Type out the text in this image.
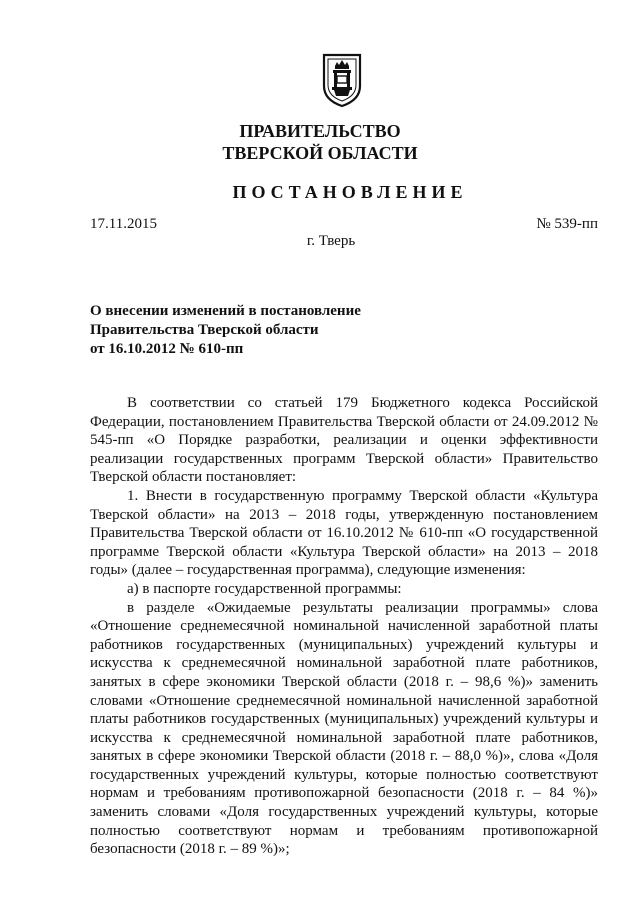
ПРАВИТЕЛЬСТВО
ТВЕРСКОЙ ОБЛАСТИ
ПОСТАНОВЛЕНИЕ
17.11.2015	№ 539-пп
г. Тверь
О внесении изменений в постановление
Правительства Тверской области
от 16.10.2012 № 610-пп

В соответствии со статьей 179 Бюджетного кодекса Российской Федерации, постановлением Правительства Тверской области от 24.09.2012 № 545-пп «О Порядке разработки, реализации и оценки эффективности реализации государственных программ Тверской области» Правительство Тверской области постановляет:

1. Внести в государственную программу Тверской области «Культура Тверской области» на 2013 – 2018 годы, утвержденную постановлением Правительства Тверской области от 16.10.2012 № 610-пп «О государственной программе Тверской области «Культура Тверской области» на 2013 – 2018 годы» (далее – государственная программа), следующие изменения:

а) в паспорте государственной программы:

в разделе «Ожидаемые результаты реализации программы» слова «Отношение среднемесячной номинальной начисленной заработной платы работников государственных (муниципальных) учреждений культуры и искусства к среднемесячной номинальной заработной плате работников, занятых в сфере экономики Тверской области (2018 г. – 98,6 %)» заменить словами «Отношение среднемесячной номинальной начисленной заработной платы работников государственных (муниципальных) учреждений культуры и искусства к среднемесячной номинальной заработной плате работников, занятых в сфере экономики Тверской области (2018 г. – 88,0 %)», слова «Доля государственных учреждений культуры, которые полностью соответствуют нормам и требованиям противопожарной безопасности (2018 г. – 84 %)» заменить словами «Доля государственных учреждений культуры, которые полностью соответствуют нормам и требованиям противопожарной безопасности (2018 г. – 89 %)»;
